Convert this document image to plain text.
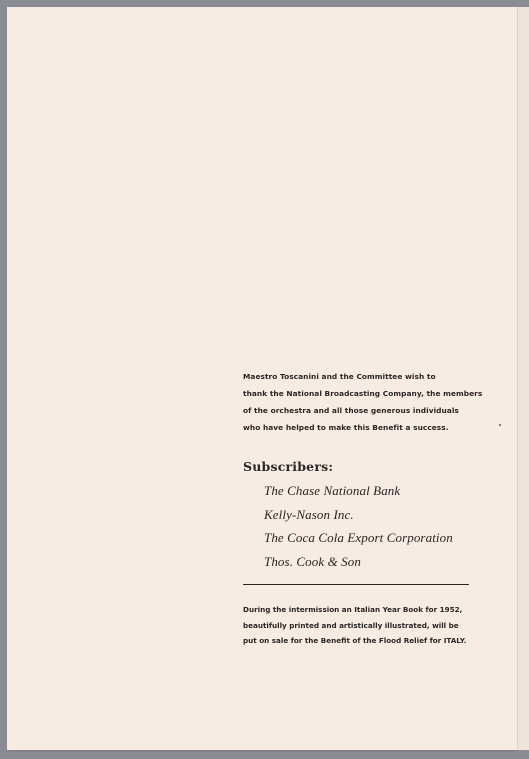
Maestro Toscanini and the Committee wish to
thank the National Broadcasting Company, the members
of the orchestra and all those generous individuals
who have helped to make this Benefit a success.

Subscribers:
The Chase National Bank
Kelly-Nason Inc.
The Coca Cola Export Corporation
Thos. Cook & Son

During the intermission an Italian Year Book for 1952,
beautifully printed and artistically illustrated, will be
put on sale for the Benefit of the Flood Relief for ITALY.
